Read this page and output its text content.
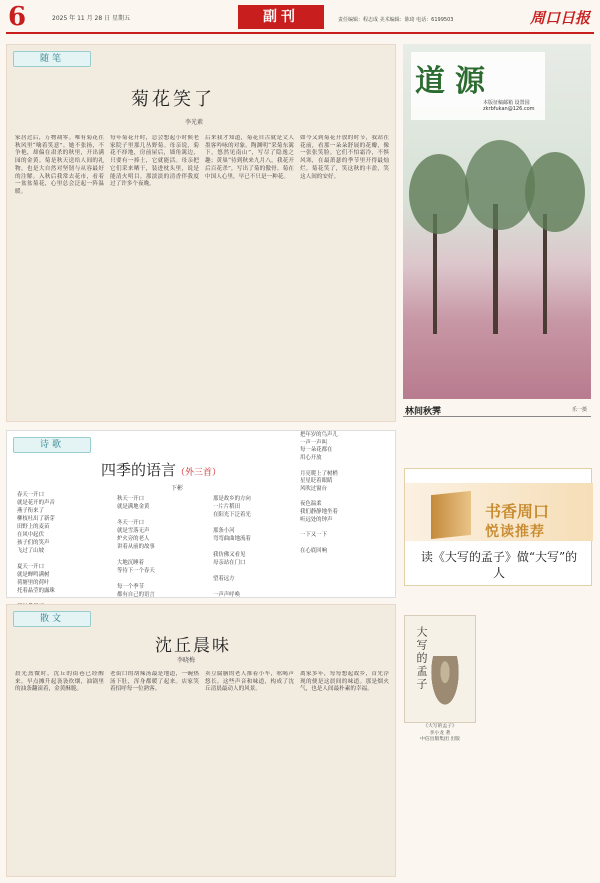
6	2025 年 11 月 28 日 星期五	副刊	责任编辑：程志成 美术编辑：陈琦 电话：6199503	周口日报
随笔
菊花笑了
李光素
家居过后，万物凋零。唯有菊花在秋风里“噙着笑意”。她不张扬，不争艳，却偏在肃杀的秋里，开出满园的金黄。菊是秋天送给人间的礼物，也是大自然对坚韧与从容最好的注解。入秋后我常去花市，看着一盆盆菊花，心里总会泛起一阵温暖。
每年菊花开时，总会想起小时候老家院子里那几丛野菊。母亲说，菊花不择地，房前屋后，墙角篱边，只要有一捧土，它就能活。母亲把它们采来晒干，装进枕头里，说是能清火明目。那淡淡的清香伴我度过了许多个夜晚。
后来我才知道，菊花自古就是文人墨客吟咏的对象。陶渊明“采菊东篱下，悠然见南山”，写尽了隐逸之趣；黄巢“待到秋来九月八，我花开后百花杀”，写出了菊的傲骨。菊在中国人心里，早已不只是一种花。
如今又到菊花开放的时节，我站在花前，看那一朵朵舒展的花瓣，像一张张笑脸。它们不怕霜冷，不惧风寒，在最萧瑟的季节里开得最灿烂。菊花笑了，笑这秋的丰盈，笑这人间的安好。
道源
本版征稿邮箱 设置园
zkrbfukan@126.com
林间秋霁	乐一摄
诗歌
四季的语言（外三首）
下彬
春天一开口
就是花开的声音
燕子衔来了
柳枝吐出了新芽
田野上的麦苗
在风中起伏
孩子们的笑声
飞过了山坡

夏天一开口
就是蝉鸣满树
荷塘里的荷叶
托着晶莹的露珠

秋天一开口
就是满地金黄

冬天一开口
就是雪落无声
炉火旁的老人
讲着从前的故事

大地沉睡着
等待下一个春天

每一个季节
都有自己的语言

那是故乡的方向
一片片稻田
在阳光下泛着光

那条小河
弯弯曲曲地流着

我仿佛又看见
母亲站在门口

望着远方

一声声呼唤

把年岁的鸟声儿
一声一声叫
每一朵花都在
用心开放

月亮爬上了树梢
星星眨着眼睛
风吹过窗台

夜色温柔
我们静静地坐着
听远处的钟声

一下又一下

在心底回响
书香周口
悦读推荐
读《大写的孟子》做“大写”的人
大写的孟子
《大写的孟子》
李小龙 著
中信出版集团 出版
散文
沈丘晨味
李晓梅
晨光熹微时，沈丘的街巷已经醒来。早点摊升起袅袅炊烟，油锅里的油条翻滚着，金黄酥脆。
老街口的胡辣汤最是地道，一碗热汤下肚，浑身都暖了起来。店家笑着招呼每一位熟客。
卖豆腐脑的老人推着小车，吆喝声悠长。这些声音和味道，构成了沈丘清晨最动人的风景。
离家多年，每每想起故乡，首先浮现的便是这晨间的味道。那是烟火气，也是人间最朴素的幸福。
